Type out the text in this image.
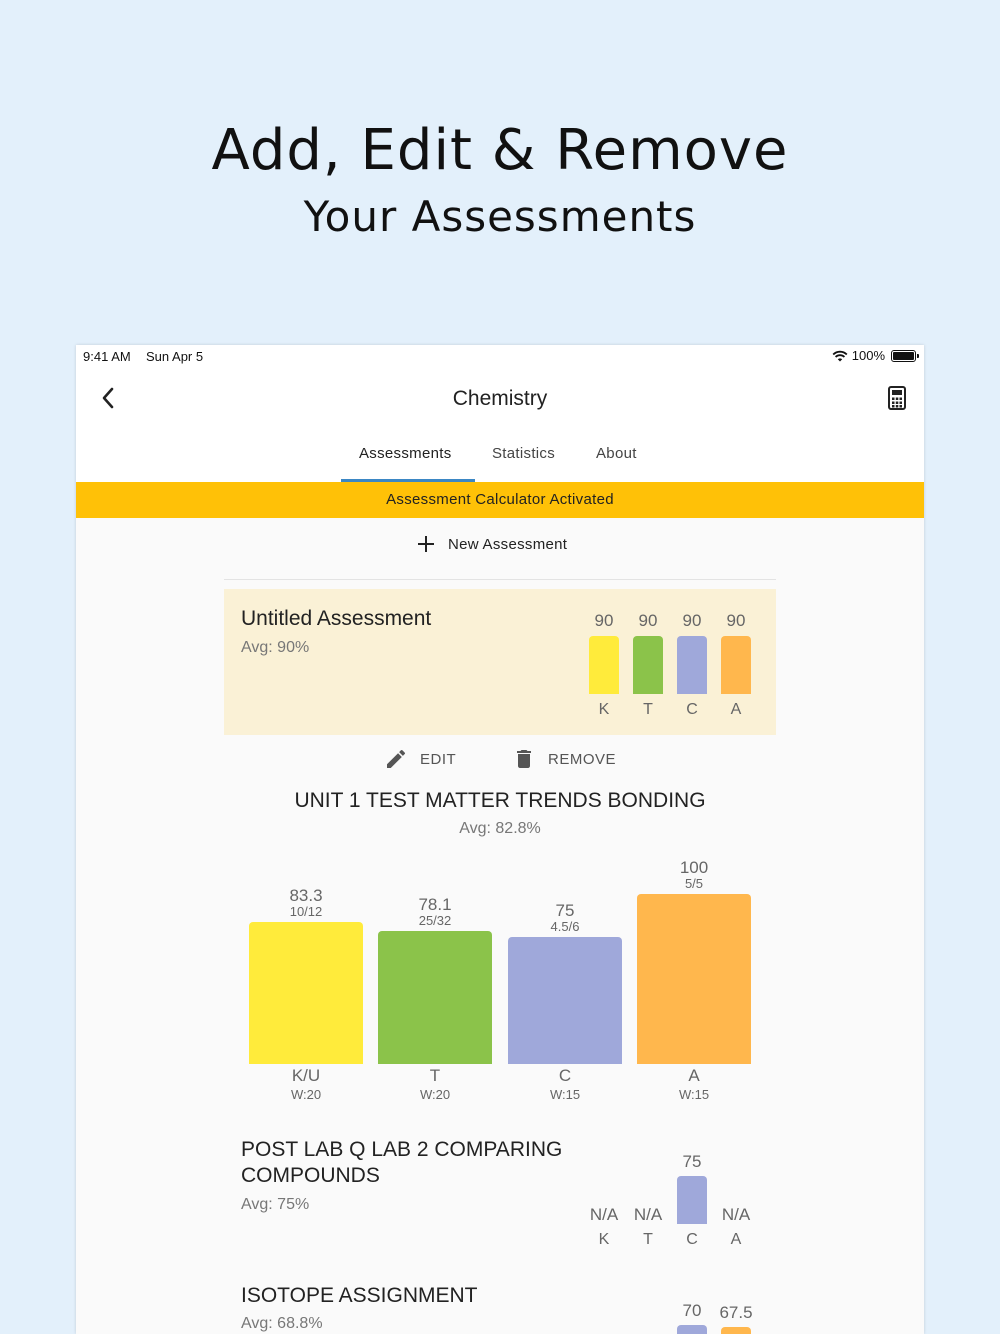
Add, Edit & Remove
Your Assessments
9:41 AM Sun Apr 5	100%
Chemistry
Assessments	Statistics	About
Assessment Calculator Activated
New Assessment
Untitled Assessment
Avg: 90%
90
K
90
T
90
C
90
A
EDIT	REMOVE
UNIT 1 TEST MATTER TRENDS BONDING
Avg: 82.8%
83.3
10/12
K/U
W:20
78.1
25/32
T
W:20
75
4.5/6
C
W:15
100
5/5
A
W:15
POST LAB Q LAB 2 COMPARING
COMPOUNDS
Avg: 75%
N/A
K
N/A
T
75
C
N/A
A
ISOTOPE ASSIGNMENT
Avg: 68.8%
70	67.5
